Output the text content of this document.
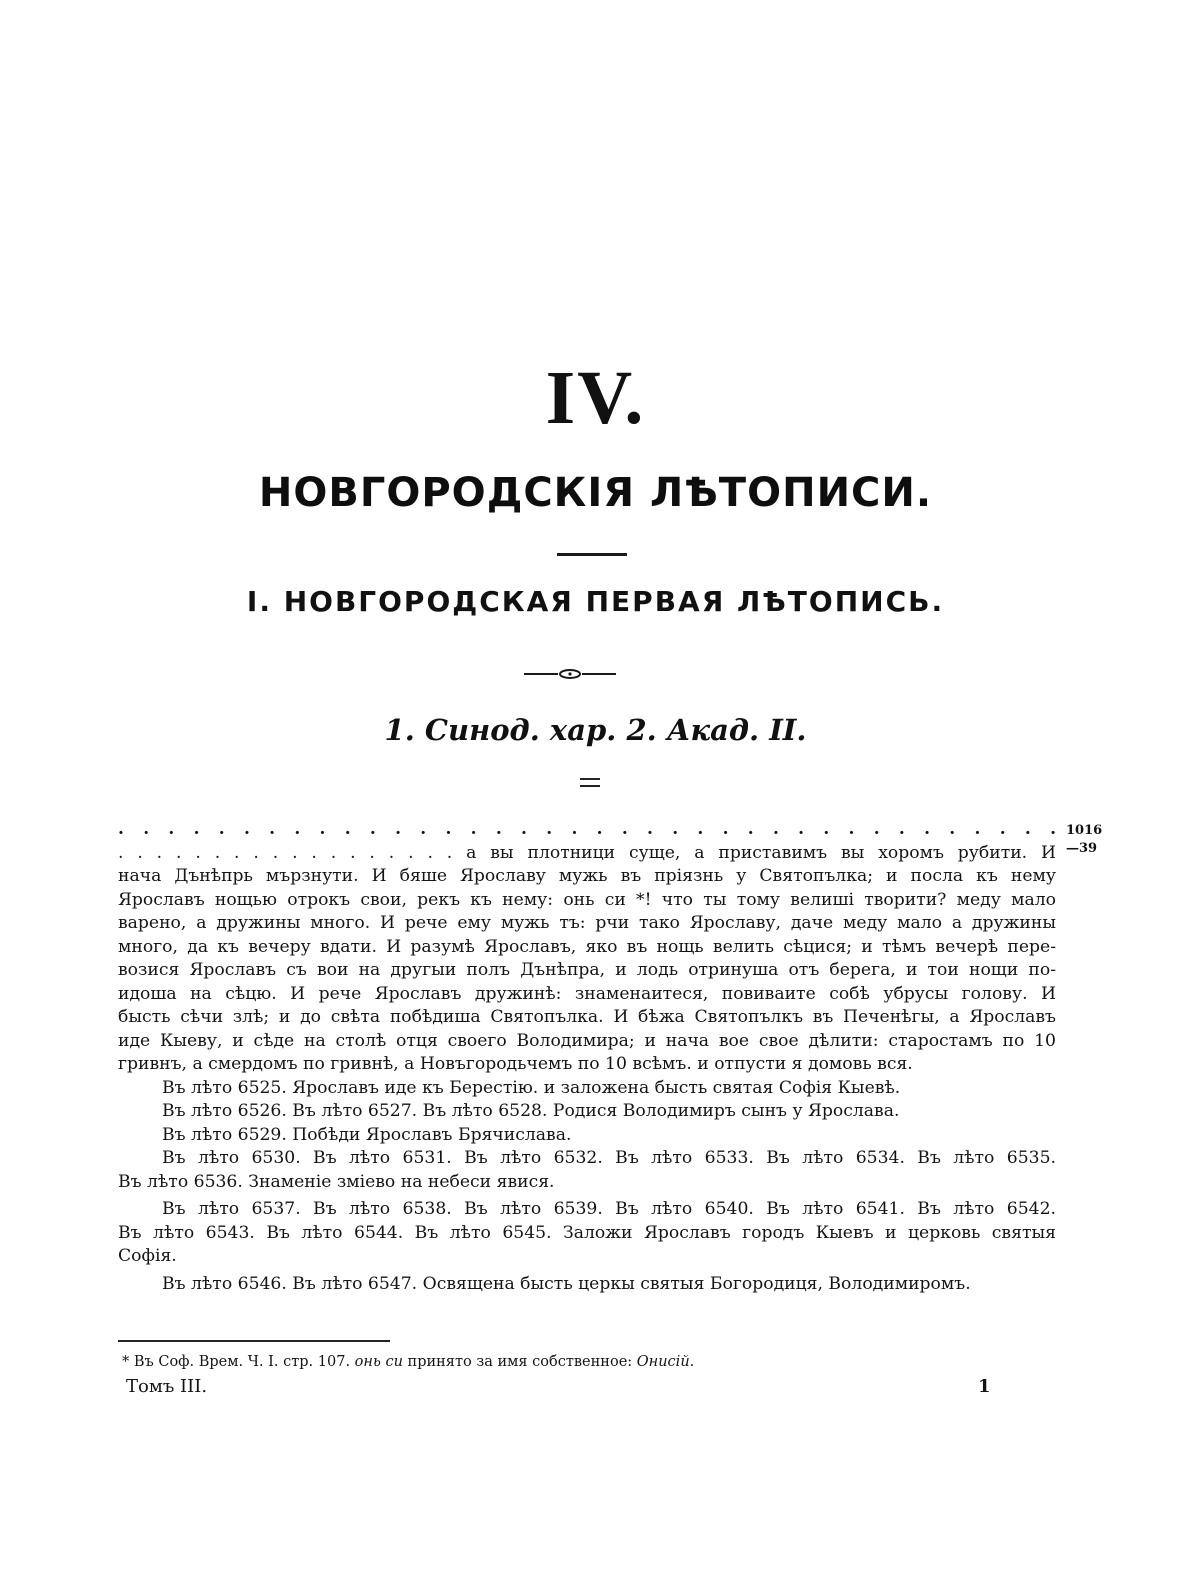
IV.
НОВГОРОДСКІЯ ЛѢТОПИСИ.
I. НОВГОРОДСКАЯ ПЕРВАЯ ЛѢТОПИСЬ.
1. Синод. хар. 2. Акад. II.
1016
—39
. . . . . . . . . . . . . . . . . . . . . . . . . . . . . . . . . . . . . .
. . . . . . . . . . . . . . . . . . а вы плотници суще, а приставимъ вы хоромъ рубити. И
нача Дънѣпрь мързнути. И бяше Ярославу мужь въ пріязнь у Святопълка; и посла къ нему
Ярославъ нощью отрокъ свои, рекъ къ нему: онь си *! что ты тому велишi творити? меду мало
варено, а дружины много. И рече ему мужь тъ: рчи тако Ярославу, даче меду мало а дружины
много, да къ вечеру вдати. И разумѣ Ярославъ, яко въ нощь велить сѣцися; и тѣмъ вечерѣ пере-
возися Ярославъ съ вои на другыи полъ Дънѣпра, и лодь отринуша отъ берега, и тои нощи по-
идоша на сѣцю. И рече Ярославъ дружинѣ: знаменаитеся, повиваите собѣ убрусы голову. И
бысть сѣчи злѣ; и до свѣта побѣдиша Святопълка. И бѣжа Святопълкъ въ Печенѣгы, а Ярославъ
иде Кыеву, и сѣде на столѣ отця своего Володимира; и нача вое свое дѣлити: старостамъ по 10
гривнъ, а смердомъ по гривнѣ, а Новъгородьчемъ по 10 всѣмъ. и отпусти я домовь вся.
Въ лѣто 6525. Ярославъ иде къ Берестію. и заложена бысть святая Софія Кыевѣ.
Въ лѣто 6526. Въ лѣто 6527. Въ лѣто 6528. Родися Володимиръ сынъ у Ярослава.
Въ лѣто 6529. Побѣди Ярославъ Брячислава.
Въ лѣто 6530. Въ лѣто 6531. Въ лѣто 6532. Въ лѣто 6533. Въ лѣто 6534. Въ лѣто 6535.
Въ лѣто 6536. Знаменіе зміево на небеси явися.
Въ лѣто 6537. Въ лѣто 6538. Въ лѣто 6539. Въ лѣто 6540. Въ лѣто 6541. Въ лѣто 6542.
Въ лѣто 6543. Въ лѣто 6544. Въ лѣто 6545. Заложи Ярославъ городъ Кыевъ и церковь святыя
Софія.
Въ лѣто 6546. Въ лѣто 6547. Освящена бысть церкы святыя Богородиця, Володимиромъ.
* Въ Соф. Врем. Ч. I. стр. 107. онь си принято за имя собственное: Онисій.
Томъ III.	1
